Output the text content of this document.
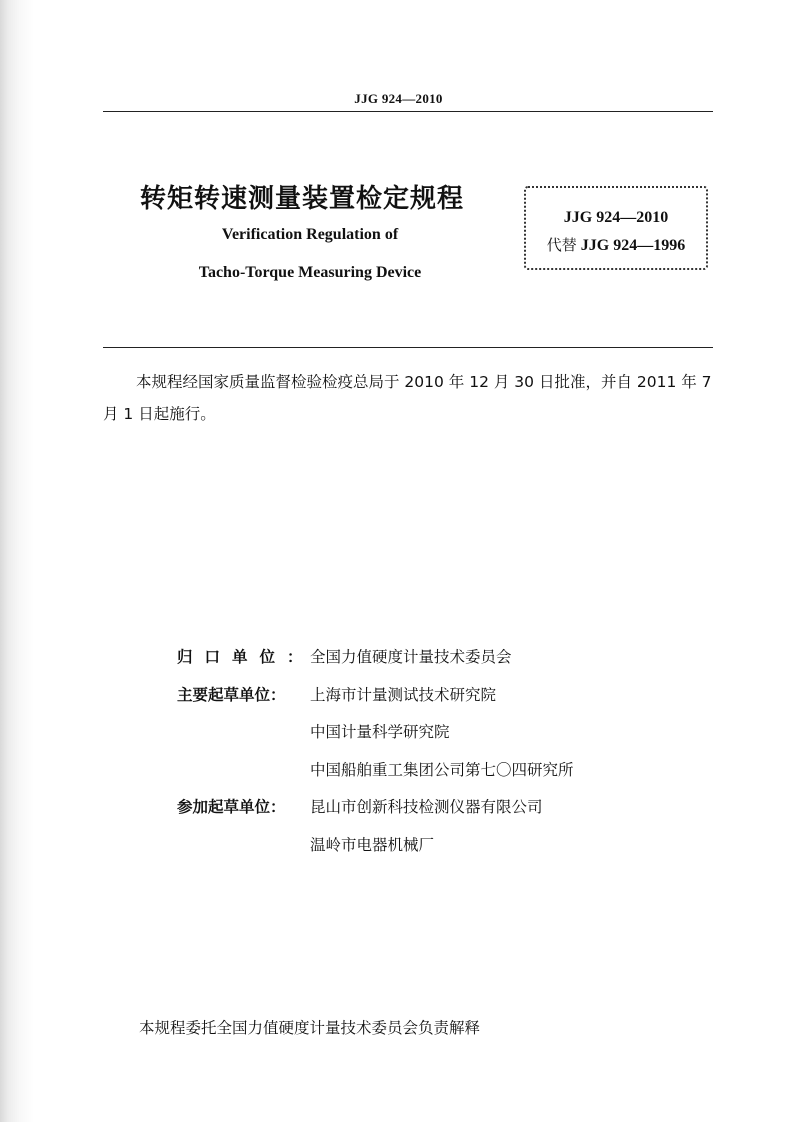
JJG 924—2010
转矩转速测量装置检定规程
Verification Regulation of
Tacho-Torque Measuring Device
JJG 924—2010
代替 JJG 924—1996
本规程经国家质量监督检验检疫总局于 2010 年 12 月 30 日批准，并自 2011 年 7 月 1 日起施行。
归口单位：
全国力值硬度计量技术委员会
主要起草单位：	上海市计量测试技术研究院
中国计量科学研究院
中国船舶重工集团公司第七〇四研究所
参加起草单位：	昆山市创新科技检测仪器有限公司
温岭市电器机械厂
本规程委托全国力值硬度计量技术委员会负责解释
